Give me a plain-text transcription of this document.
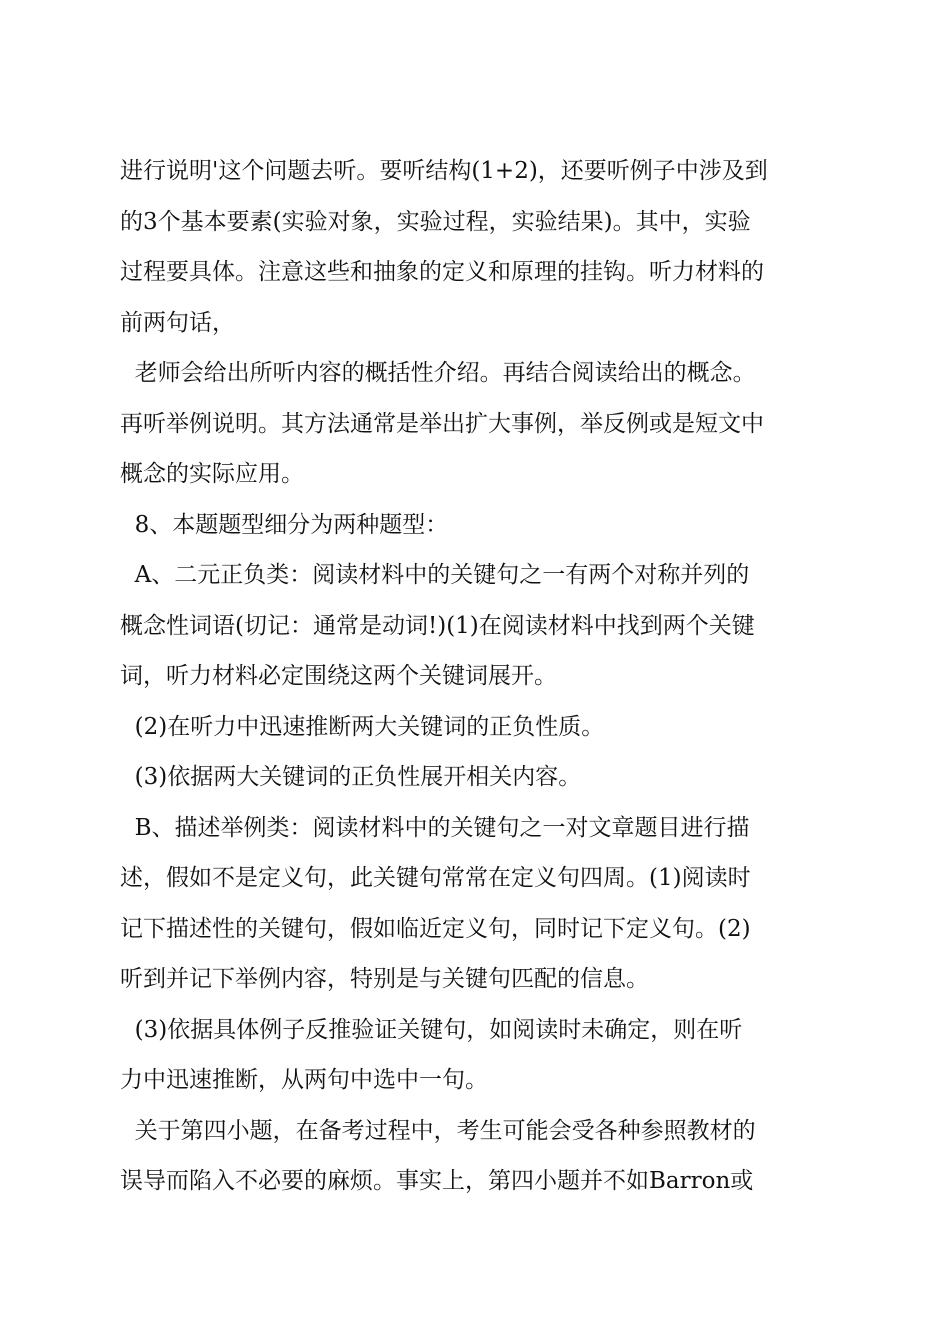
进行说明'这个问题去听。要听结构(1+2)，还要听例子中涉及到
的3个基本要素(实验对象，实验过程，实验结果)。其中，实验
过程要具体。注意这些和抽象的定义和原理的挂钩。听力材料的
前两句话，
老师会给出所听内容的概括性介绍。再结合阅读给出的概念。
再听举例说明。其方法通常是举出扩大事例，举反例或是短文中
概念的实际应用。
8、本题题型细分为两种题型：
A、二元正负类：阅读材料中的关键句之一有两个对称并列的
概念性词语(切记：通常是动词!)(1)在阅读材料中找到两个关键
词，听力材料必定围绕这两个关键词展开。
(2)在听力中迅速推断两大关键词的正负性质。
(3)依据两大关键词的正负性展开相关内容。
B、描述举例类：阅读材料中的关键句之一对文章题目进行描
述，假如不是定义句，此关键句常常在定义句四周。(1)阅读时
记下描述性的关键句，假如临近定义句，同时记下定义句。(2)
听到并记下举例内容，特别是与关键句匹配的信息。
(3)依据具体例子反推验证关键句，如阅读时未确定，则在听
力中迅速推断，从两句中选中一句。
关于第四小题，在备考过程中，考生可能会受各种参照教材的
误导而陷入不必要的麻烦。事实上，第四小题并不如Barron或
